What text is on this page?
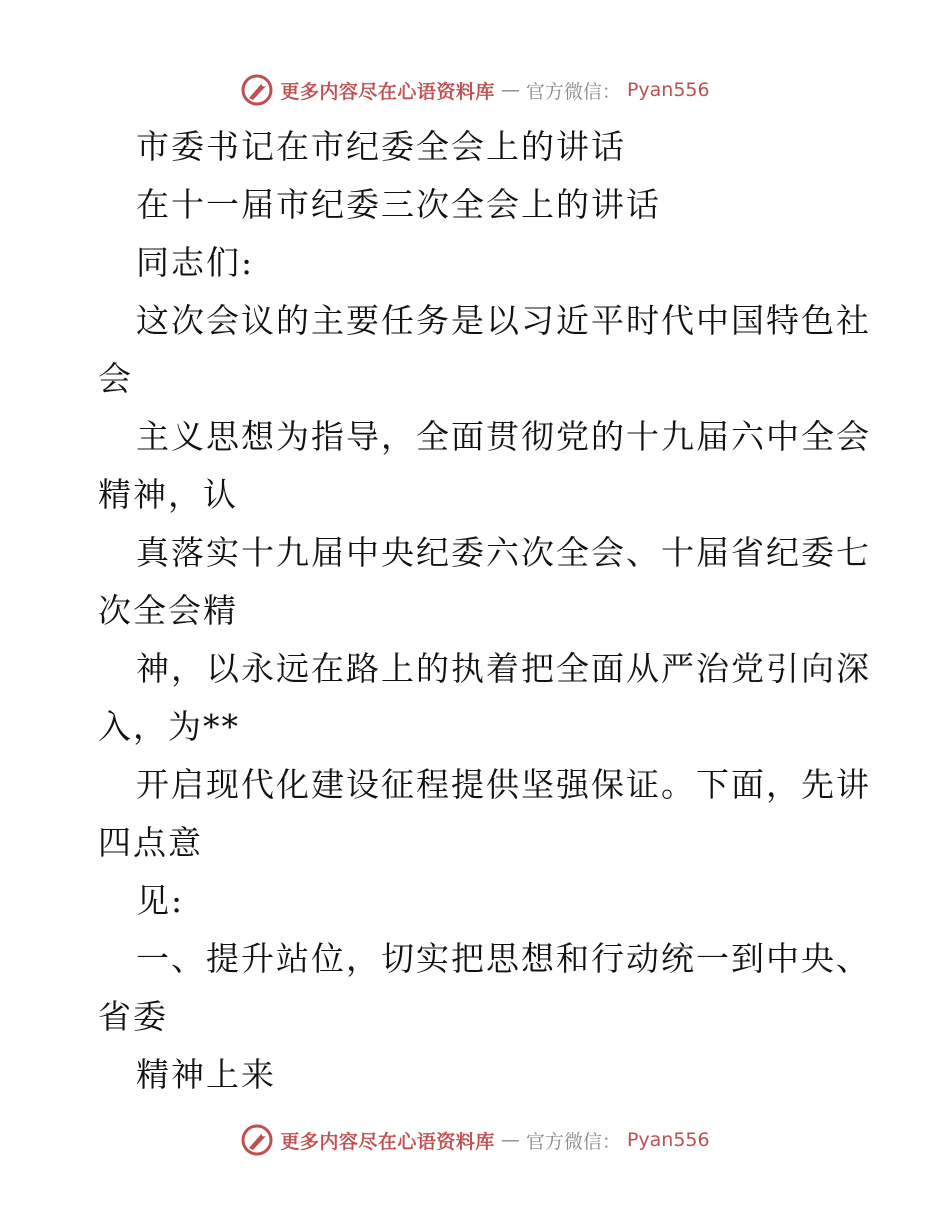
更多内容尽在心语资料库 — 官方微信： Pyan556
市委书记在市纪委全会上的讲话
在十一届市纪委三次全会上的讲话
同志们:
这次会议的主要任务是以习近平时代中国特色社
会
主义思想为指导，全面贯彻党的十九届六中全会
精神，认
真落实十九届中央纪委六次全会、十届省纪委七
次全会精
神，以永远在路上的执着把全面从严治党引向深
入，为**
开启现代化建设征程提供坚强保证。下面，先讲
四点意
见:
一、提升站位，切实把思想和行动统一到中央、
省委
精神上来
更多内容尽在心语资料库 — 官方微信： Pyan556
